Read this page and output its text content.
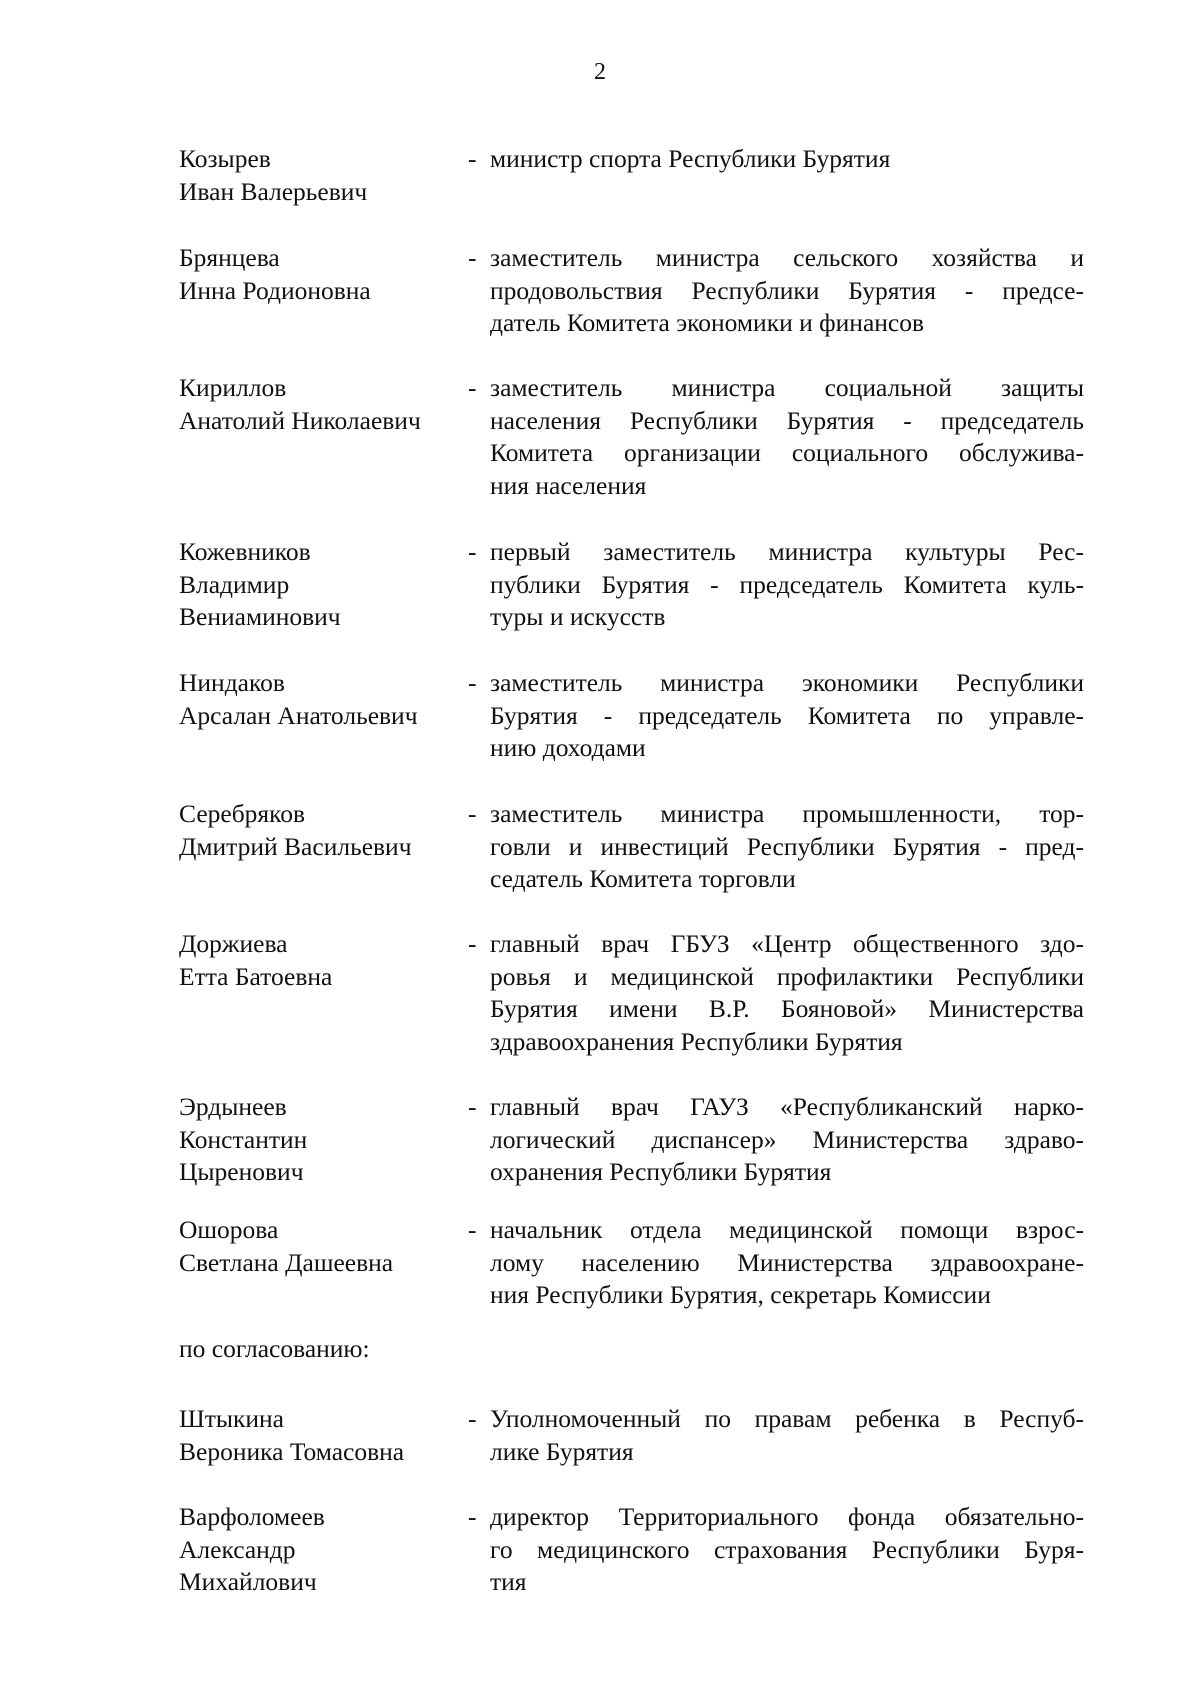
2
Козырев
Иван Валерьевич
- министр спорта Республики Бурятия
Брянцева
Инна Родионовна
- заместитель министра сельского хозяйства и
продовольствия Республики Бурятия - предсе-
датель Комитета экономики и финансов
Кириллов
Анатолий Николаевич
- заместитель министра социальной защиты
населения Республики Бурятия - председатель
Комитета организации социального обслужива-
ния населения
Кожевников
Владимир
Вениаминович
- первый заместитель министра культуры Рес-
публики Бурятия - председатель Комитета куль-
туры и искусств
Ниндаков
Арсалан Анатольевич
- заместитель министра экономики Республики
Бурятия - председатель Комитета по управле-
нию доходами
Серебряков
Дмитрий Васильевич
- заместитель министра промышленности, тор-
говли и инвестиций Республики Бурятия - пред-
седатель Комитета торговли
Доржиева
Етта Батоевна
- главный врач ГБУЗ «Центр общественного здо-
ровья и медицинской профилактики Республики
Бурятия имени В.Р. Бояновой» Министерства
здравоохранения Республики Бурятия
Эрдынеев
Константин
Цыренович
- главный врач ГАУЗ «Республиканский нарко-
логический диспансер» Министерства здраво-
охранения Республики Бурятия
Ошорова
Светлана Дашеевна
- начальник отдела медицинской помощи взрос-
лому населению Министерства здравоохране-
ния Республики Бурятия, секретарь Комиссии
по согласованию:
Штыкина
Вероника Томасовна
- Уполномоченный по правам ребенка в Респуб-
лике Бурятия
Варфоломеев
Александр
Михайлович
- директор Территориального фонда обязательно-
го медицинского страхования Республики Буря-
тия
